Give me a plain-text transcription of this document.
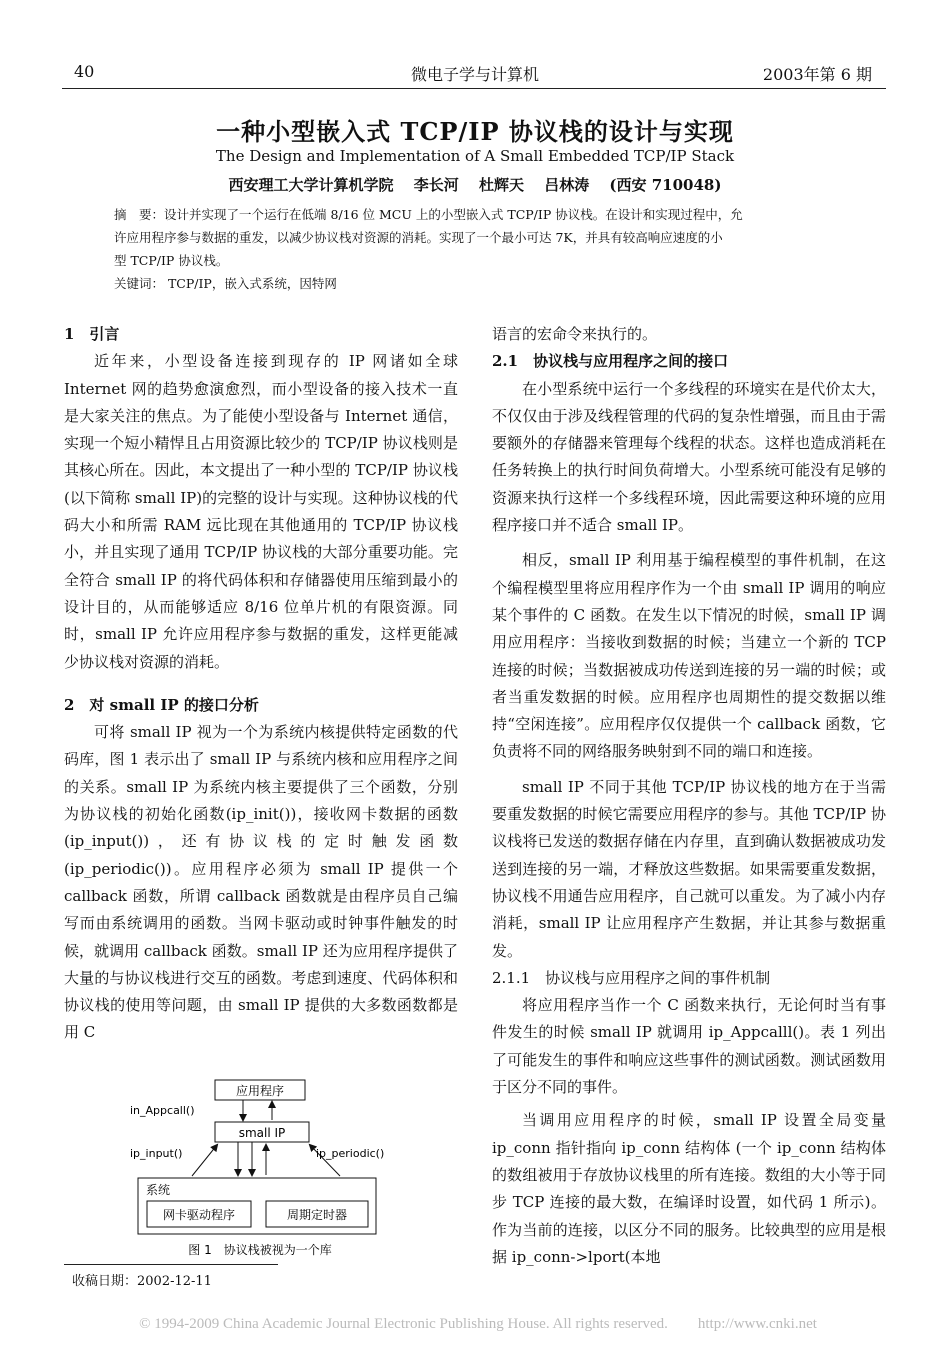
40	微电子学与计算机	2003年第 6 期
一种小型嵌入式 TCP/IP 协议栈的设计与实现
The Design and Implementation of A Small Embedded TCP/IP Stack
西安理工大学计算机学院　 李长河　 杜辉天　 吕林涛　 (西安 710048)
摘　要：设计并实现了一个运行在低端 8/16 位 MCU 上的小型嵌入式 TCP/IP 协议栈。在设计和实现过程中，允
许应用程序参与数据的重发，以减少协议栈对资源的消耗。实现了一个最小可达 7K，并具有较高响应速度的小
型 TCP/IP 协议栈。
关键词： TCP/IP，嵌入式系统，因特网

1　引言

近年来，小型设备连接到现存的 IP 网诸如全球 Internet 网的趋势愈演愈烈，而小型设备的接入技术一直是大家关注的焦点。为了能使小型设备与 Internet 通信，实现一个短小精悍且占用资源比较少的 TCP/IP 协议栈则是其核心所在。因此，本文提出了一种小型的 TCP/IP 协议栈(以下简称 small IP)的完整的设计与实现。这种协议栈的代码大小和所需 RAM 远比现在其他通用的 TCP/IP 协议栈小，并且实现了通用 TCP/IP 协议栈的大部分重要功能。完全符合 small IP 的将代码体积和存储器使用压缩到最小的设计目的，从而能够适应 8/16 位单片机的有限资源。同时，small IP 允许应用程序参与数据的重发，这样更能减少协议栈对资源的消耗。

2　对 small IP 的接口分析

可将 small IP 视为一个为系统内核提供特定函数的代码库，图 1 表示出了 small IP 与系统内核和应用程序之间的关系。small IP 为系统内核主要提供了三个函数，分别为协议栈的初始化函数(ip_init())，接收网卡数据的函数(ip_input())，还有协议栈的定时触发函数(ip_periodic())。应用程序必须为 small IP 提供一个 callback 函数，所谓 callback 函数就是由程序员自己编写而由系统调用的函数。当网卡驱动或时钟事件触发的时候，就调用 callback 函数。small IP 还为应用程序提供了大量的与协议栈进行交互的函数。考虑到速度、代码体积和协议栈的使用等问题，由 small IP 提供的大多数函数都是用 C

应用程序
small IP
in_Appcall()
系统
网卡驱动程序	周期定时器
ip_input()	ip_periodic()
图 1　协议栈被视为一个库
收稿日期：2002-12-11

语言的宏命令来执行的。

2.1　协议栈与应用程序之间的接口

在小型系统中运行一个多线程的环境实在是代价太大，不仅仅由于涉及线程管理的代码的复杂性增强，而且由于需要额外的存储器来管理每个线程的状态。这样也造成消耗在任务转换上的执行时间负荷增大。小型系统可能没有足够的资源来执行这样一个多线程环境，因此需要这种环境的应用程序接口并不适合 small IP。

相反，small IP 利用基于编程模型的事件机制，在这个编程模型里将应用程序作为一个由 small IP 调用的响应某个事件的 C 函数。在发生以下情况的时候，small IP 调用应用程序：当接收到数据的时候；当建立一个新的 TCP 连接的时候；当数据被成功传送到连接的另一端的时候；或者当重发数据的时候。应用程序也周期性的提交数据以维持“空闲连接”。应用程序仅仅提供一个 callback 函数，它负责将不同的网络服务映射到不同的端口和连接。

small IP 不同于其他 TCP/IP 协议栈的地方在于当需要重发数据的时候它需要应用程序的参与。其他 TCP/IP 协议栈将已发送的数据存储在内存里，直到确认数据被成功发送到连接的另一端，才释放这些数据。如果需要重发数据，协议栈不用通告应用程序，自己就可以重发。为了减小内存消耗，small IP 让应用程序产生数据，并让其参与数据重发。

2.1.1　协议栈与应用程序之间的事件机制

将应用程序当作一个 C 函数来执行，无论何时当有事件发生的时候 small IP 就调用 ip_Appcalll()。表 1 列出了可能发生的事件和响应这些事件的测试函数。测试函数用于区分不同的事件。

当调用应用程序的时候，small IP 设置全局变量 ip_conn 指针指向 ip_conn 结构体 (一个 ip_conn 结构体的数组被用于存放协议栈里的所有连接。数组的大小等于同步 TCP 连接的最大数，在编译时设置，如代码 1 所示)。作为当前的连接，以区分不同的服务。比较典型的应用是根据 ip_conn->lport(本地

© 1994-2009 China Academic Journal Electronic Publishing House. All rights reserved.　　http://www.cnki.net
